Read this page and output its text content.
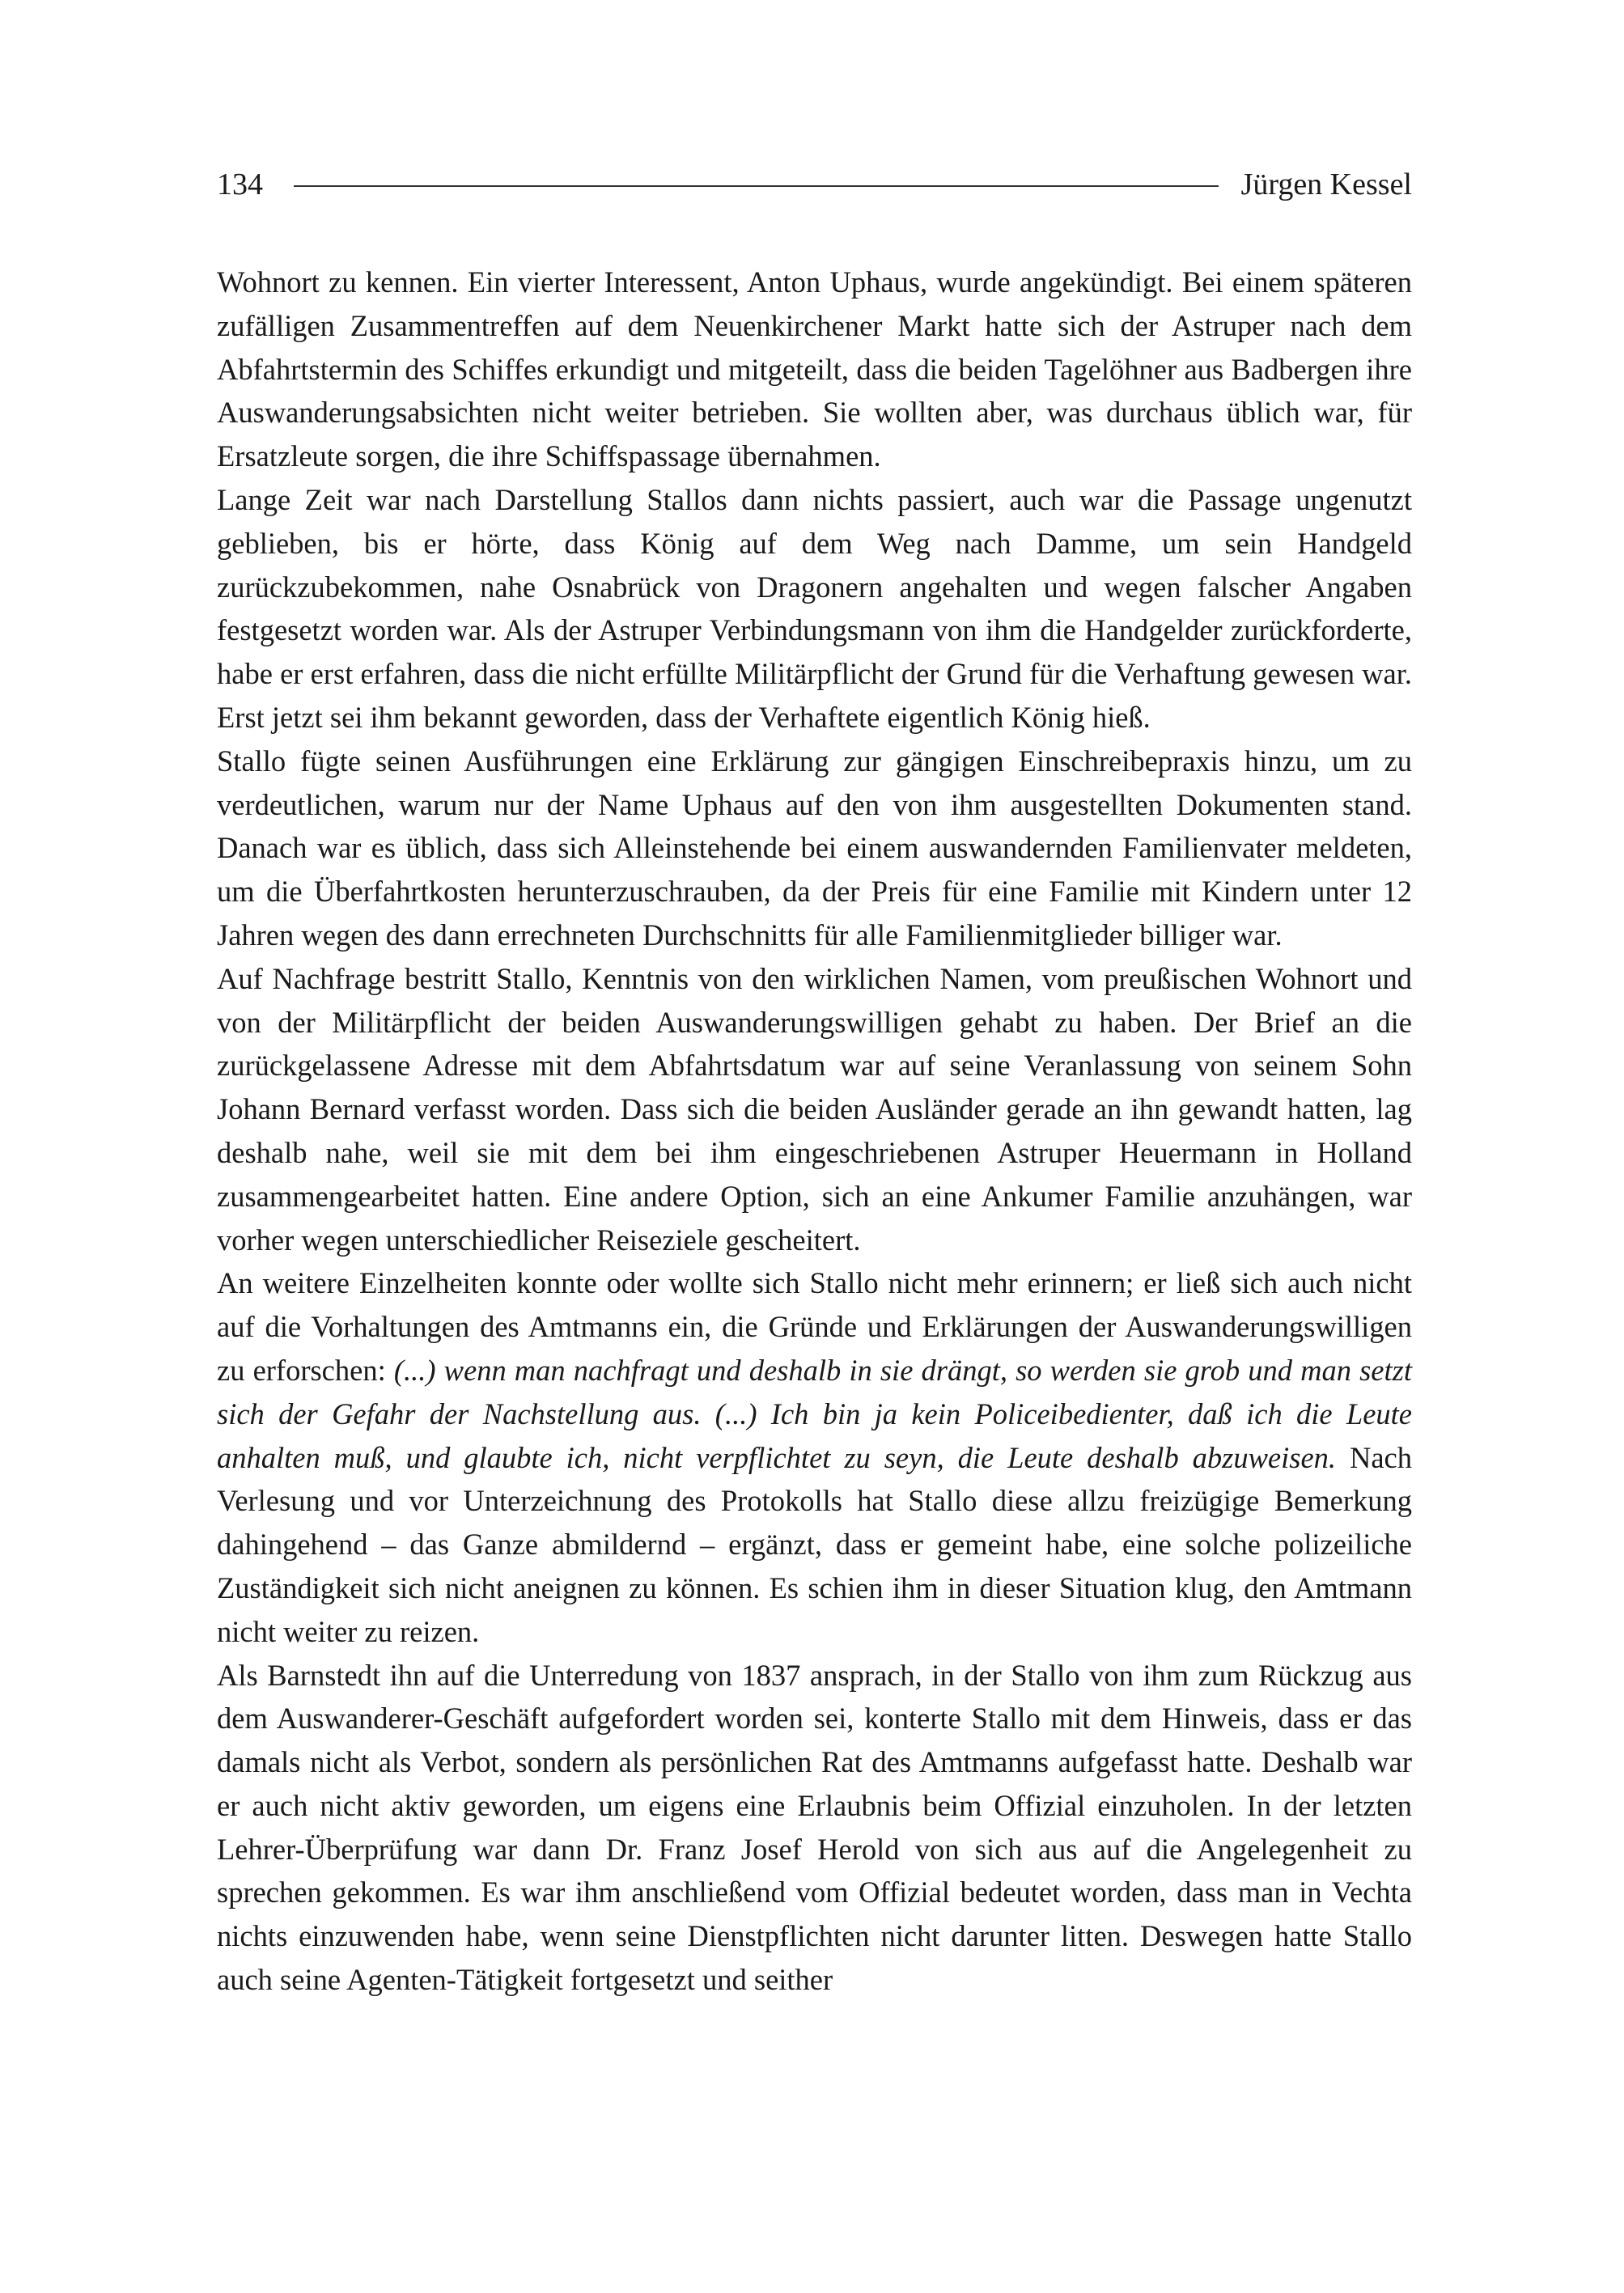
134	Jürgen Kessel

Wohnort zu kennen. Ein vierter Interessent, Anton Uphaus, wurde angekündigt. Bei einem späteren zufälligen Zusammentreffen auf dem Neuenkirchener Markt hatte sich der Astruper nach dem Abfahrtstermin des Schiffes erkundigt und mitgeteilt, dass die beiden Tagelöhner aus Badbergen ihre Auswanderungsabsichten nicht weiter betrieben. Sie wollten aber, was durchaus üblich war, für Ersatzleute sorgen, die ihre Schiffspassage übernahmen.

Lange Zeit war nach Darstellung Stallos dann nichts passiert, auch war die Passage ungenutzt geblieben, bis er hörte, dass König auf dem Weg nach Damme, um sein Handgeld zurückzubekommen, nahe Osnabrück von Dragonern angehalten und wegen falscher Angaben festgesetzt worden war. Als der Astruper Verbindungsmann von ihm die Handgelder zurückforderte, habe er erst erfahren, dass die nicht erfüllte Militärpflicht der Grund für die Verhaftung gewesen war. Erst jetzt sei ihm bekannt geworden, dass der Verhaftete eigentlich König hieß.

Stallo fügte seinen Ausführungen eine Erklärung zur gängigen Einschreibepraxis hinzu, um zu verdeutlichen, warum nur der Name Uphaus auf den von ihm ausgestellten Dokumenten stand. Danach war es üblich, dass sich Alleinstehende bei einem auswandernden Familienvater meldeten, um die Überfahrtkosten herunterzuschrauben, da der Preis für eine Familie mit Kindern unter 12 Jahren wegen des dann errechneten Durchschnitts für alle Familienmitglieder billiger war.

Auf Nachfrage bestritt Stallo, Kenntnis von den wirklichen Namen, vom preußischen Wohnort und von der Militärpflicht der beiden Auswanderungswilligen gehabt zu haben. Der Brief an die zurückgelassene Adresse mit dem Abfahrtsdatum war auf seine Veranlassung von seinem Sohn Johann Bernard verfasst worden. Dass sich die beiden Ausländer gerade an ihn gewandt hatten, lag deshalb nahe, weil sie mit dem bei ihm eingeschriebenen Astruper Heuermann in Holland zusammengearbeitet hatten. Eine andere Option, sich an eine Ankumer Familie anzuhängen, war vorher wegen unterschiedlicher Reiseziele gescheitert.

An weitere Einzelheiten konnte oder wollte sich Stallo nicht mehr erinnern; er ließ sich auch nicht auf die Vorhaltungen des Amtmanns ein, die Gründe und Erklärungen der Auswanderungswilligen zu erforschen: (...) wenn man nachfragt und deshalb in sie drängt, so werden sie grob und man setzt sich der Gefahr der Nachstellung aus. (...) Ich bin ja kein Policeibedienter, daß ich die Leute anhalten muß, und glaubte ich, nicht verpflichtet zu seyn, die Leute deshalb abzuweisen. Nach Verlesung und vor Unterzeichnung des Protokolls hat Stallo diese allzu freizügige Bemerkung dahingehend – das Ganze abmildernd – ergänzt, dass er gemeint habe, eine solche polizeiliche Zuständigkeit sich nicht aneignen zu können. Es schien ihm in dieser Situation klug, den Amtmann nicht weiter zu reizen.

Als Barnstedt ihn auf die Unterredung von 1837 ansprach, in der Stallo von ihm zum Rückzug aus dem Auswanderer-Geschäft aufgefordert worden sei, konterte Stallo mit dem Hinweis, dass er das damals nicht als Verbot, sondern als persönlichen Rat des Amtmanns aufgefasst hatte. Deshalb war er auch nicht aktiv geworden, um eigens eine Erlaubnis beim Offizial einzuholen. In der letzten Lehrer-Überprüfung war dann Dr. Franz Josef Herold von sich aus auf die Angelegenheit zu sprechen gekommen. Es war ihm anschließend vom Offizial bedeutet worden, dass man in Vechta nichts einzuwenden habe, wenn seine Dienstpflichten nicht darunter litten. Deswegen hatte Stallo auch seine Agenten-Tätigkeit fortgesetzt und seither
